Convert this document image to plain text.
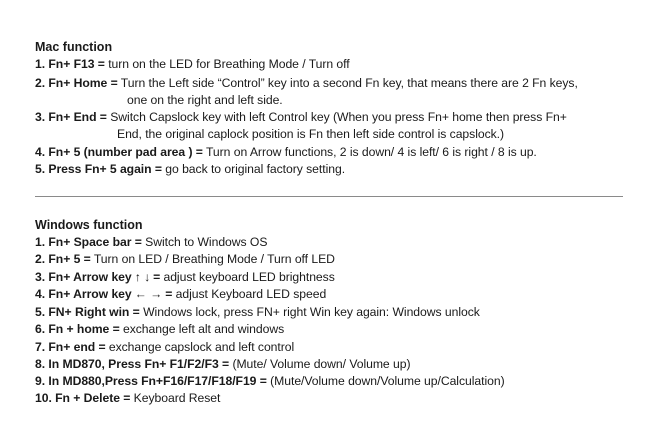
Mac function
1. Fn+ F13 = turn on the LED for Breathing Mode / Turn off
2. Fn+ Home = Turn the Left side “Control” key into a second Fn key, that means there are 2 Fn keys,
one on the right and left side.
3. Fn+ End = Switch Capslock key with left Control key (When you press Fn+ home then press Fn+
End, the original caplock position is Fn then left side control is capslock.)
4. Fn+ 5 (number pad area ) = Turn on Arrow functions, 2 is down/ 4 is left/ 6 is right / 8 is up.
5. Press Fn+ 5 again = go back to original factory setting.
Windows function
1. Fn+ Space bar = Switch to Windows OS
2. Fn+ 5 = Turn on LED / Breathing Mode / Turn off LED
3. Fn+ Arrow key ↑ ↓ = adjust keyboard LED brightness
4. Fn+ Arrow key ← → = adjust Keyboard LED speed
5. FN+ Right win = Windows lock, press FN+ right Win key again: Windows unlock
6. Fn + home = exchange left alt and windows
7. Fn+ end = exchange capslock and left control
8. In MD870, Press Fn+ F1/F2/F3 = (Mute/ Volume down/ Volume up)
9. In MD880,Press Fn+F16/F17/F18/F19 = (Mute/Volume down/Volume up/Calculation)
10. Fn + Delete = Keyboard Reset
